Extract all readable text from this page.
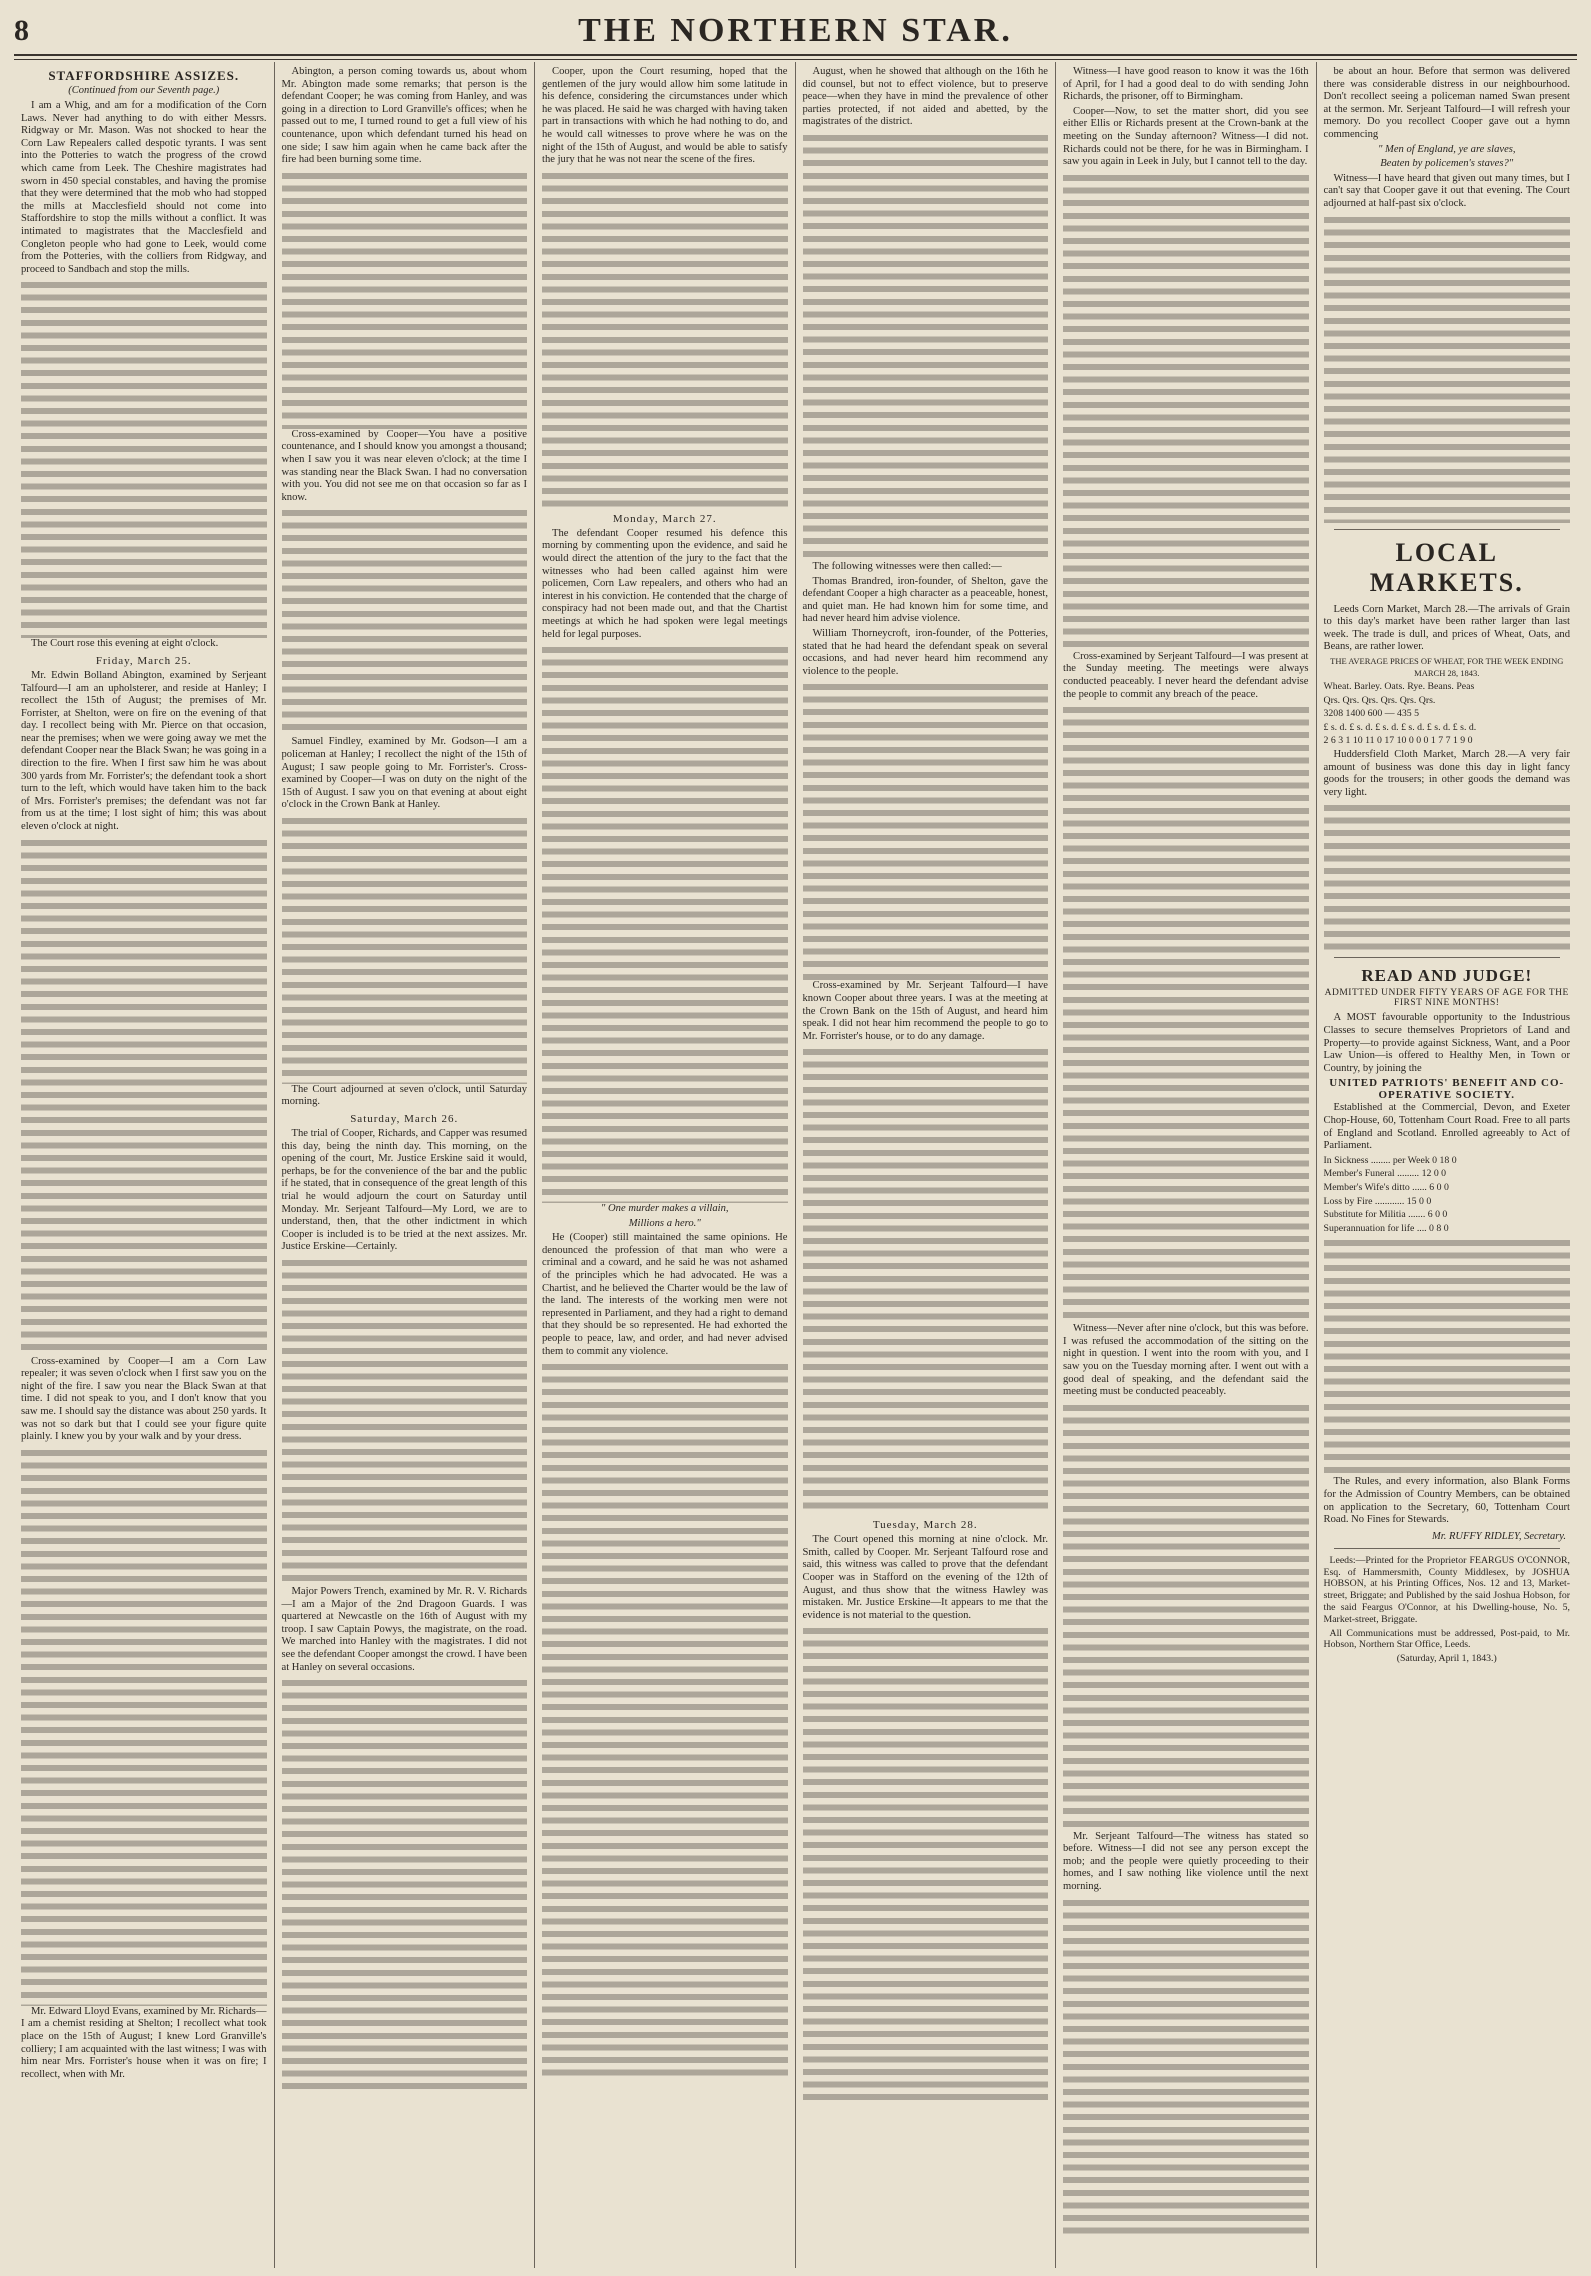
8	THE NORTHERN STAR.
STAFFORDSHIRE ASSIZES.
(Continued from our Seventh page.)

I am a Whig, and am for a modification of the Corn Laws. Never had anything to do with either Messrs. Ridgway or Mr. Mason. Was not shocked to hear the Corn Law Repealers called despotic tyrants. I was sent into the Potteries to watch the progress of the crowd which came from Leek. The Cheshire magistrates had sworn in 450 special constables, and having the promise that they were determined that the mob who had stopped the mills at Macclesfield should not come into Staffordshire to stop the mills without a conflict. It was intimated to magistrates that the Macclesfield and Congleton people who had gone to Leek, would come from the Potteries, with the colliers from Ridgway, and proceed to Sandbach and stop the mills.

The Court rose this evening at eight o'clock.

Friday, March 25.

Mr. Edwin Bolland Abington, examined by Serjeant Talfourd—I am an upholsterer, and reside at Hanley; I recollect the 15th of August; the premises of Mr. Forrister, at Shelton, were on fire on the evening of that day. I recollect being with Mr. Pierce on that occasion, near the premises; when we were going away we met the defendant Cooper near the Black Swan; he was going in a direction to the fire. When I first saw him he was about 300 yards from Mr. Forrister's; the defendant took a short turn to the left, which would have taken him to the back of Mrs. Forrister's premises; the defendant was not far from us at the time; I lost sight of him; this was about eleven o'clock at night.

Cross-examined by Cooper—I am a Corn Law repealer; it was seven o'clock when I first saw you on the night of the fire. I saw you near the Black Swan at that time. I did not speak to you, and I don't know that you saw me. I should say the distance was about 250 yards. It was not so dark but that I could see your figure quite plainly. I knew you by your walk and by your dress.

Mr. Edward Lloyd Evans, examined by Mr. Richards—I am a chemist residing at Shelton; I recollect what took place on the 15th of August; I knew Lord Granville's colliery; I am acquainted with the last witness; I was with him near Mrs. Forrister's house when it was on fire; I recollect, when with Mr.

Abington, a person coming towards us, about whom Mr. Abington made some remarks; that person is the defendant Cooper; he was coming from Hanley, and was going in a direction to Lord Granville's offices; when he passed out to me, I turned round to get a full view of his countenance, upon which defendant turned his head on one side; I saw him again when he came back after the fire had been burning some time.

Cross-examined by Cooper—You have a positive countenance, and I should know you amongst a thousand; when I saw you it was near eleven o'clock; at the time I was standing near the Black Swan. I had no conversation with you. You did not see me on that occasion so far as I know.

Samuel Findley, examined by Mr. Godson—I am a policeman at Hanley; I recollect the night of the 15th of August; I saw people going to Mr. Forrister's. Cross-examined by Cooper—I was on duty on the night of the 15th of August. I saw you on that evening at about eight o'clock in the Crown Bank at Hanley.

The Court adjourned at seven o'clock, until Saturday morning.

Saturday, March 26.

The trial of Cooper, Richards, and Capper was resumed this day, being the ninth day. This morning, on the opening of the court, Mr. Justice Erskine said it would, perhaps, be for the convenience of the bar and the public if he stated, that in consequence of the great length of this trial he would adjourn the court on Saturday until Monday. Mr. Serjeant Talfourd—My Lord, we are to understand, then, that the other indictment in which Cooper is included is to be tried at the next assizes. Mr. Justice Erskine—Certainly.

Major Powers Trench, examined by Mr. R. V. Richards—I am a Major of the 2nd Dragoon Guards. I was quartered at Newcastle on the 16th of August with my troop. I saw Captain Powys, the magistrate, on the road. We marched into Hanley with the magistrates. I did not see the defendant Cooper amongst the crowd. I have been at Hanley on several occasions.

Cooper, upon the Court resuming, hoped that the gentlemen of the jury would allow him some latitude in his defence, considering the circumstances under which he was placed. He said he was charged with having taken part in transactions with which he had nothing to do, and he would call witnesses to prove where he was on the night of the 15th of August, and would be able to satisfy the jury that he was not near the scene of the fires.

Monday, March 27.

The defendant Cooper resumed his defence this morning by commenting upon the evidence, and said he would direct the attention of the jury to the fact that the witnesses who had been called against him were policemen, Corn Law repealers, and others who had an interest in his conviction. He contended that the charge of conspiracy had not been made out, and that the Chartist meetings at which he had spoken were legal meetings held for legal purposes.

" One murder makes a villain,

Millions a hero."

He (Cooper) still maintained the same opinions. He denounced the profession of that man who were a criminal and a coward, and he said he was not ashamed of the principles which he had advocated. He was a Chartist, and he believed the Charter would be the law of the land. The interests of the working men were not represented in Parliament, and they had a right to demand that they should be so represented. He had exhorted the people to peace, law, and order, and had never advised them to commit any violence.

August, when he showed that although on the 16th he did counsel, but not to effect violence, but to preserve peace—when they have in mind the prevalence of other parties protected, if not aided and abetted, by the magistrates of the district.

The following witnesses were then called:—

Thomas Brandred, iron-founder, of Shelton, gave the defendant Cooper a high character as a peaceable, honest, and quiet man. He had known him for some time, and had never heard him advise violence.

William Thorneycroft, iron-founder, of the Potteries, stated that he had heard the defendant speak on several occasions, and had never heard him recommend any violence to the people.

Cross-examined by Mr. Serjeant Talfourd—I have known Cooper about three years. I was at the meeting at the Crown Bank on the 15th of August, and heard him speak. I did not hear him recommend the people to go to Mr. Forrister's house, or to do any damage.

Tuesday, March 28.

The Court opened this morning at nine o'clock. Mr. Smith, called by Cooper. Mr. Serjeant Talfourd rose and said, this witness was called to prove that the defendant Cooper was in Stafford on the evening of the 12th of August, and thus show that the witness Hawley was mistaken. Mr. Justice Erskine—It appears to me that the evidence is not material to the question.

Witness—I have good reason to know it was the 16th of April, for I had a good deal to do with sending John Richards, the prisoner, off to Birmingham.

Cooper—Now, to set the matter short, did you see either Ellis or Richards present at the Crown-bank at the meeting on the Sunday afternoon? Witness—I did not. Richards could not be there, for he was in Birmingham. I saw you again in Leek in July, but I cannot tell to the day.

Cross-examined by Serjeant Talfourd—I was present at the Sunday meeting. The meetings were always conducted peaceably. I never heard the defendant advise the people to commit any breach of the peace.

Witness—Never after nine o'clock, but this was before. I was refused the accommodation of the sitting on the night in question. I went into the room with you, and I saw you on the Tuesday morning after. I went out with a good deal of speaking, and the defendant said the meeting must be conducted peaceably.

Mr. Serjeant Talfourd—The witness has stated so before. Witness—I did not see any person except the mob; and the people were quietly proceeding to their homes, and I saw nothing like violence until the next morning.

be about an hour. Before that sermon was delivered there was considerable distress in our neighbourhood. Don't recollect seeing a policeman named Swan present at the sermon. Mr. Serjeant Talfourd—I will refresh your memory. Do you recollect Cooper gave out a hymn commencing

" Men of England, ye are slaves,

Beaten by policemen's staves?"

Witness—I have heard that given out many times, but I can't say that Cooper gave it out that evening. The Court adjourned at half-past six o'clock.

LOCAL MARKETS.

Leeds Corn Market, March 28.—The arrivals of Grain to this day's market have been rather larger than last week. The trade is dull, and prices of Wheat, Oats, and Beans, are rather lower.

THE AVERAGE PRICES OF WHEAT, FOR THE WEEK ENDING MARCH 28, 1843.

Wheat. Barley. Oats. Rye. Beans. Peas

Qrs. Qrs. Qrs. Qrs. Qrs. Qrs.

3208 1400 600 — 435 5

£ s. d. £ s. d. £ s. d. £ s. d. £ s. d. £ s. d.

2 6 3 1 10 11 0 17 10 0 0 0 1 7 7 1 9 0

Huddersfield Cloth Market, March 28.—A very fair amount of business was done this day in light fancy goods for the trousers; in other goods the demand was very light.

READ AND JUDGE!
ADMITTED UNDER FIFTY YEARS OF AGE FOR THE FIRST NINE MONTHS!

A MOST favourable opportunity to the Industrious Classes to secure themselves Proprietors of Land and Property—to provide against Sickness, Want, and a Poor Law Union—is offered to Healthy Men, in Town or Country, by joining the

UNITED PATRIOTS' BENEFIT AND CO-OPERATIVE SOCIETY.

Established at the Commercial, Devon, and Exeter Chop-House, 60, Tottenham Court Road. Free to all parts of England and Scotland. Enrolled agreeably to Act of Parliament.

In Sickness ........ per Week 0 18 0

Member's Funeral ......... 12 0 0

Member's Wife's ditto ...... 6 0 0

Loss by Fire ............ 15 0 0

Substitute for Militia ....... 6 0 0

Superannuation for life .... 0 8 0

The Rules, and every information, also Blank Forms for the Admission of Country Members, can be obtained on application to the Secretary, 60, Tottenham Court Road. No Fines for Stewards.

Mr. RUFFY RIDLEY, Secretary.

Leeds:—Printed for the Proprietor FEARGUS O'CONNOR, Esq. of Hammersmith, County Middlesex, by JOSHUA HOBSON, at his Printing Offices, Nos. 12 and 13, Market-street, Briggate; and Published by the said Joshua Hobson, for the said Feargus O'Connor, at his Dwelling-house, No. 5, Market-street, Briggate.

All Communications must be addressed, Post-paid, to Mr. Hobson, Northern Star Office, Leeds.

(Saturday, April 1, 1843.)
